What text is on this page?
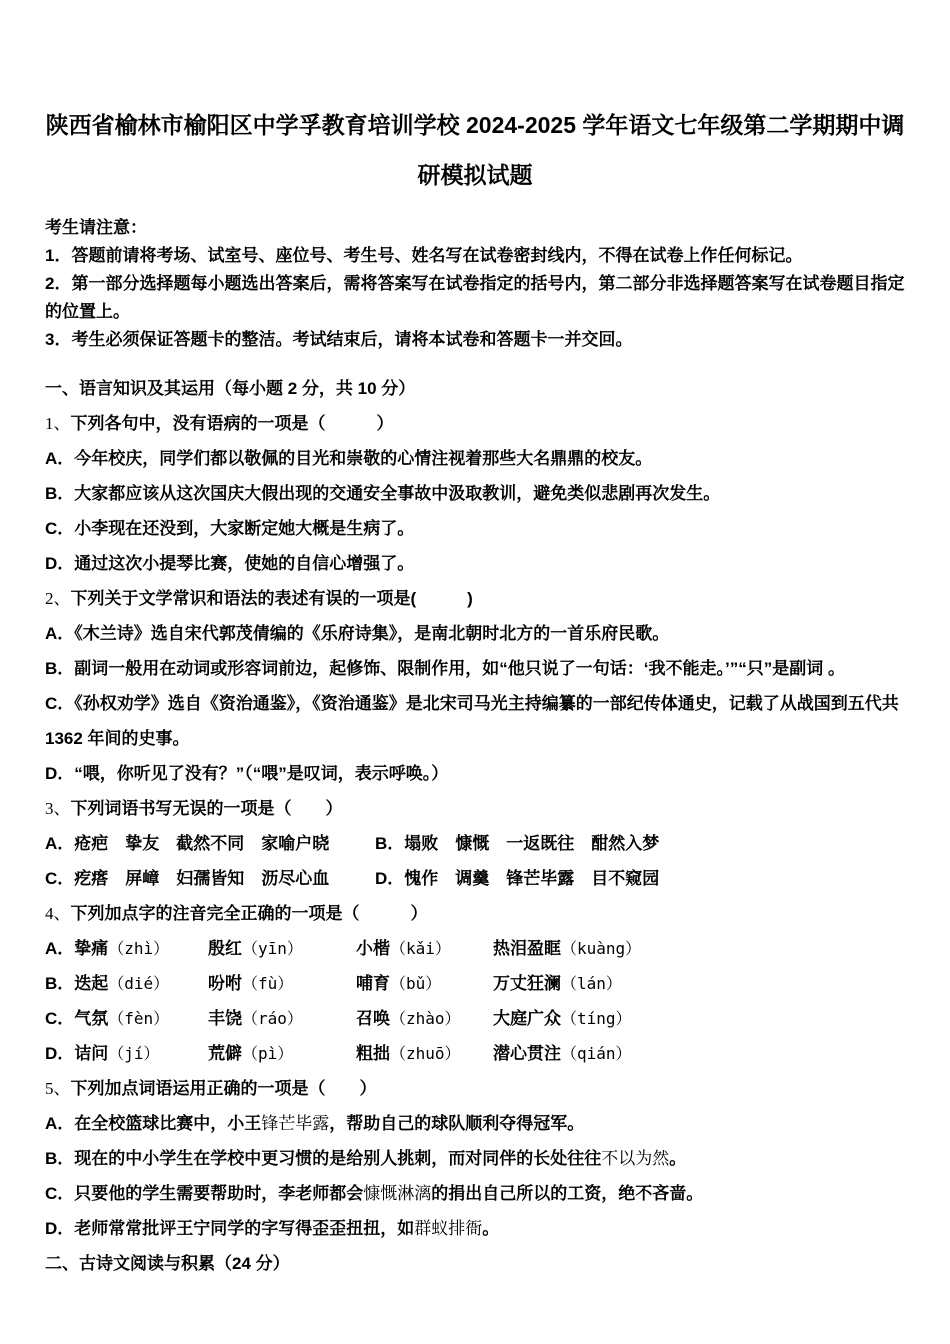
陕西省榆林市榆阳区中学孚教育培训学校 2024-2025 学年语文七年级第二学期期中调研模拟试题

考生请注意：

1．答题前请将考场、试室号、座位号、考生号、姓名写在试卷密封线内，不得在试卷上作任何标记。

2．第一部分选择题每小题选出答案后，需将答案写在试卷指定的括号内，第二部分非选择题答案写在试卷题目指定的位置上。

3．考生必须保证答题卡的整洁。考试结束后，请将本试卷和答题卡一并交回。

一、语言知识及其运用（每小题 2 分，共 10 分）

1、下列各句中，没有语病的一项是（　　　）

A．今年校庆，同学们都以敬佩的目光和崇敬的心情注视着那些大名鼎鼎的校友。

B．大家都应该从这次国庆大假出现的交通安全事故中汲取教训，避免类似悲剧再次发生。

C．小李现在还没到，大家断定她大概是生病了。

D．通过这次小提琴比赛，使她的自信心增强了。

2、下列关于文学常识和语法的表述有误的一项是(　　　)

A．《木兰诗》选自宋代郭茂倩编的《乐府诗集》，是南北朝时北方的一首乐府民歌。

B．副词一般用在动词或形容词前边，起修饰、限制作用，如“他只说了一句话：‘我不能走。’”“只”是副词 。

C．《孙权劝学》选自《资治通鉴》，《资治通鉴》是北宋司马光主持编纂的一部纪传体通史，记载了从战国到五代共 1362 年间的史事。

D．“喂，你听见了没有？”（“喂”是叹词，表示呼唤。）

3、下列词语书写无误的一项是（　　）

A．疮疤　挚友　截然不同　家喻户晓	B．塌败　慷慨　一返既往　酣然入梦
C．疙瘩　屏嶂　妇孺皆知　沥尽心血	D．愧作　调羹　锋芒毕露　目不窥园

4、下列加点字的注音完全正确的一项是（　　　）

A．挚痛（zhì）	殷红（yīn）	小楷（kǎi）	热泪盈眶（kuàng）
B．迭起（dié）	吩咐（fù）	哺育（bǔ）	万丈狂澜（lán）
C．气氛（fèn）	丰饶（ráo）	召唤（zhào）	大庭广众（tíng）
D．诘问（jí）	荒僻（pì）	粗拙（zhuō）	潜心贯注（qián）

5、下列加点词语运用正确的一项是（　　）

A．在全校篮球比赛中，小王锋芒毕露，帮助自己的球队顺利夺得冠军。

B．现在的中小学生在学校中更习惯的是给别人挑刺，而对同伴的长处往往不以为然。

C．只要他的学生需要帮助时，李老师都会慷慨淋漓的捐出自己所以的工资，绝不吝啬。

D．老师常常批评王宁同学的字写得歪歪扭扭，如群蚁排衙。

二、古诗文阅读与积累（24 分）
